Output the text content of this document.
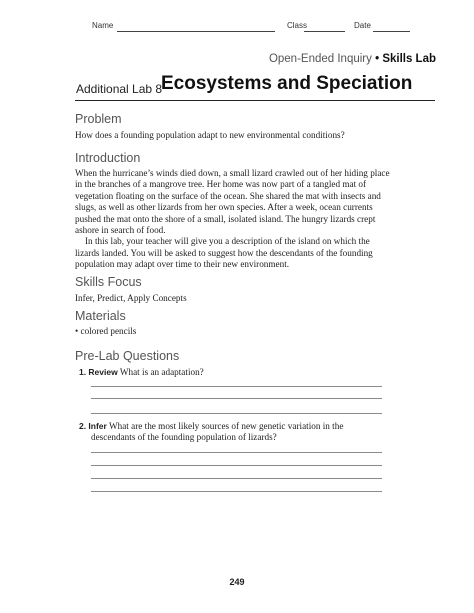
Name	Class	Date
Open-Ended Inquiry • Skills Lab
Additional Lab 8
Ecosystems and Speciation
Problem
How does a founding population adapt to new environmental conditions?
Introduction
When the hurricane’s winds died down, a small lizard crawled out of her hiding place
in the branches of a mangrove tree. Her home was now part of a tangled mat of
vegetation floating on the surface of the ocean. She shared the mat with insects and
slugs, as well as other lizards from her own species. After a week, ocean currents
pushed the mat onto the shore of a small, isolated island. The hungry lizards crept
ashore in search of food.
In this lab, your teacher will give you a description of the island on which the
lizards landed. You will be asked to suggest how the descendants of the founding
population may adapt over time to their new environment.
Skills Focus
Infer, Predict, Apply Concepts
Materials
• colored pencils
Pre-Lab Questions
1. Review What is an adaptation?
2. Infer What are the most likely sources of new genetic variation in the
descendants of the founding population of lizards?
249
